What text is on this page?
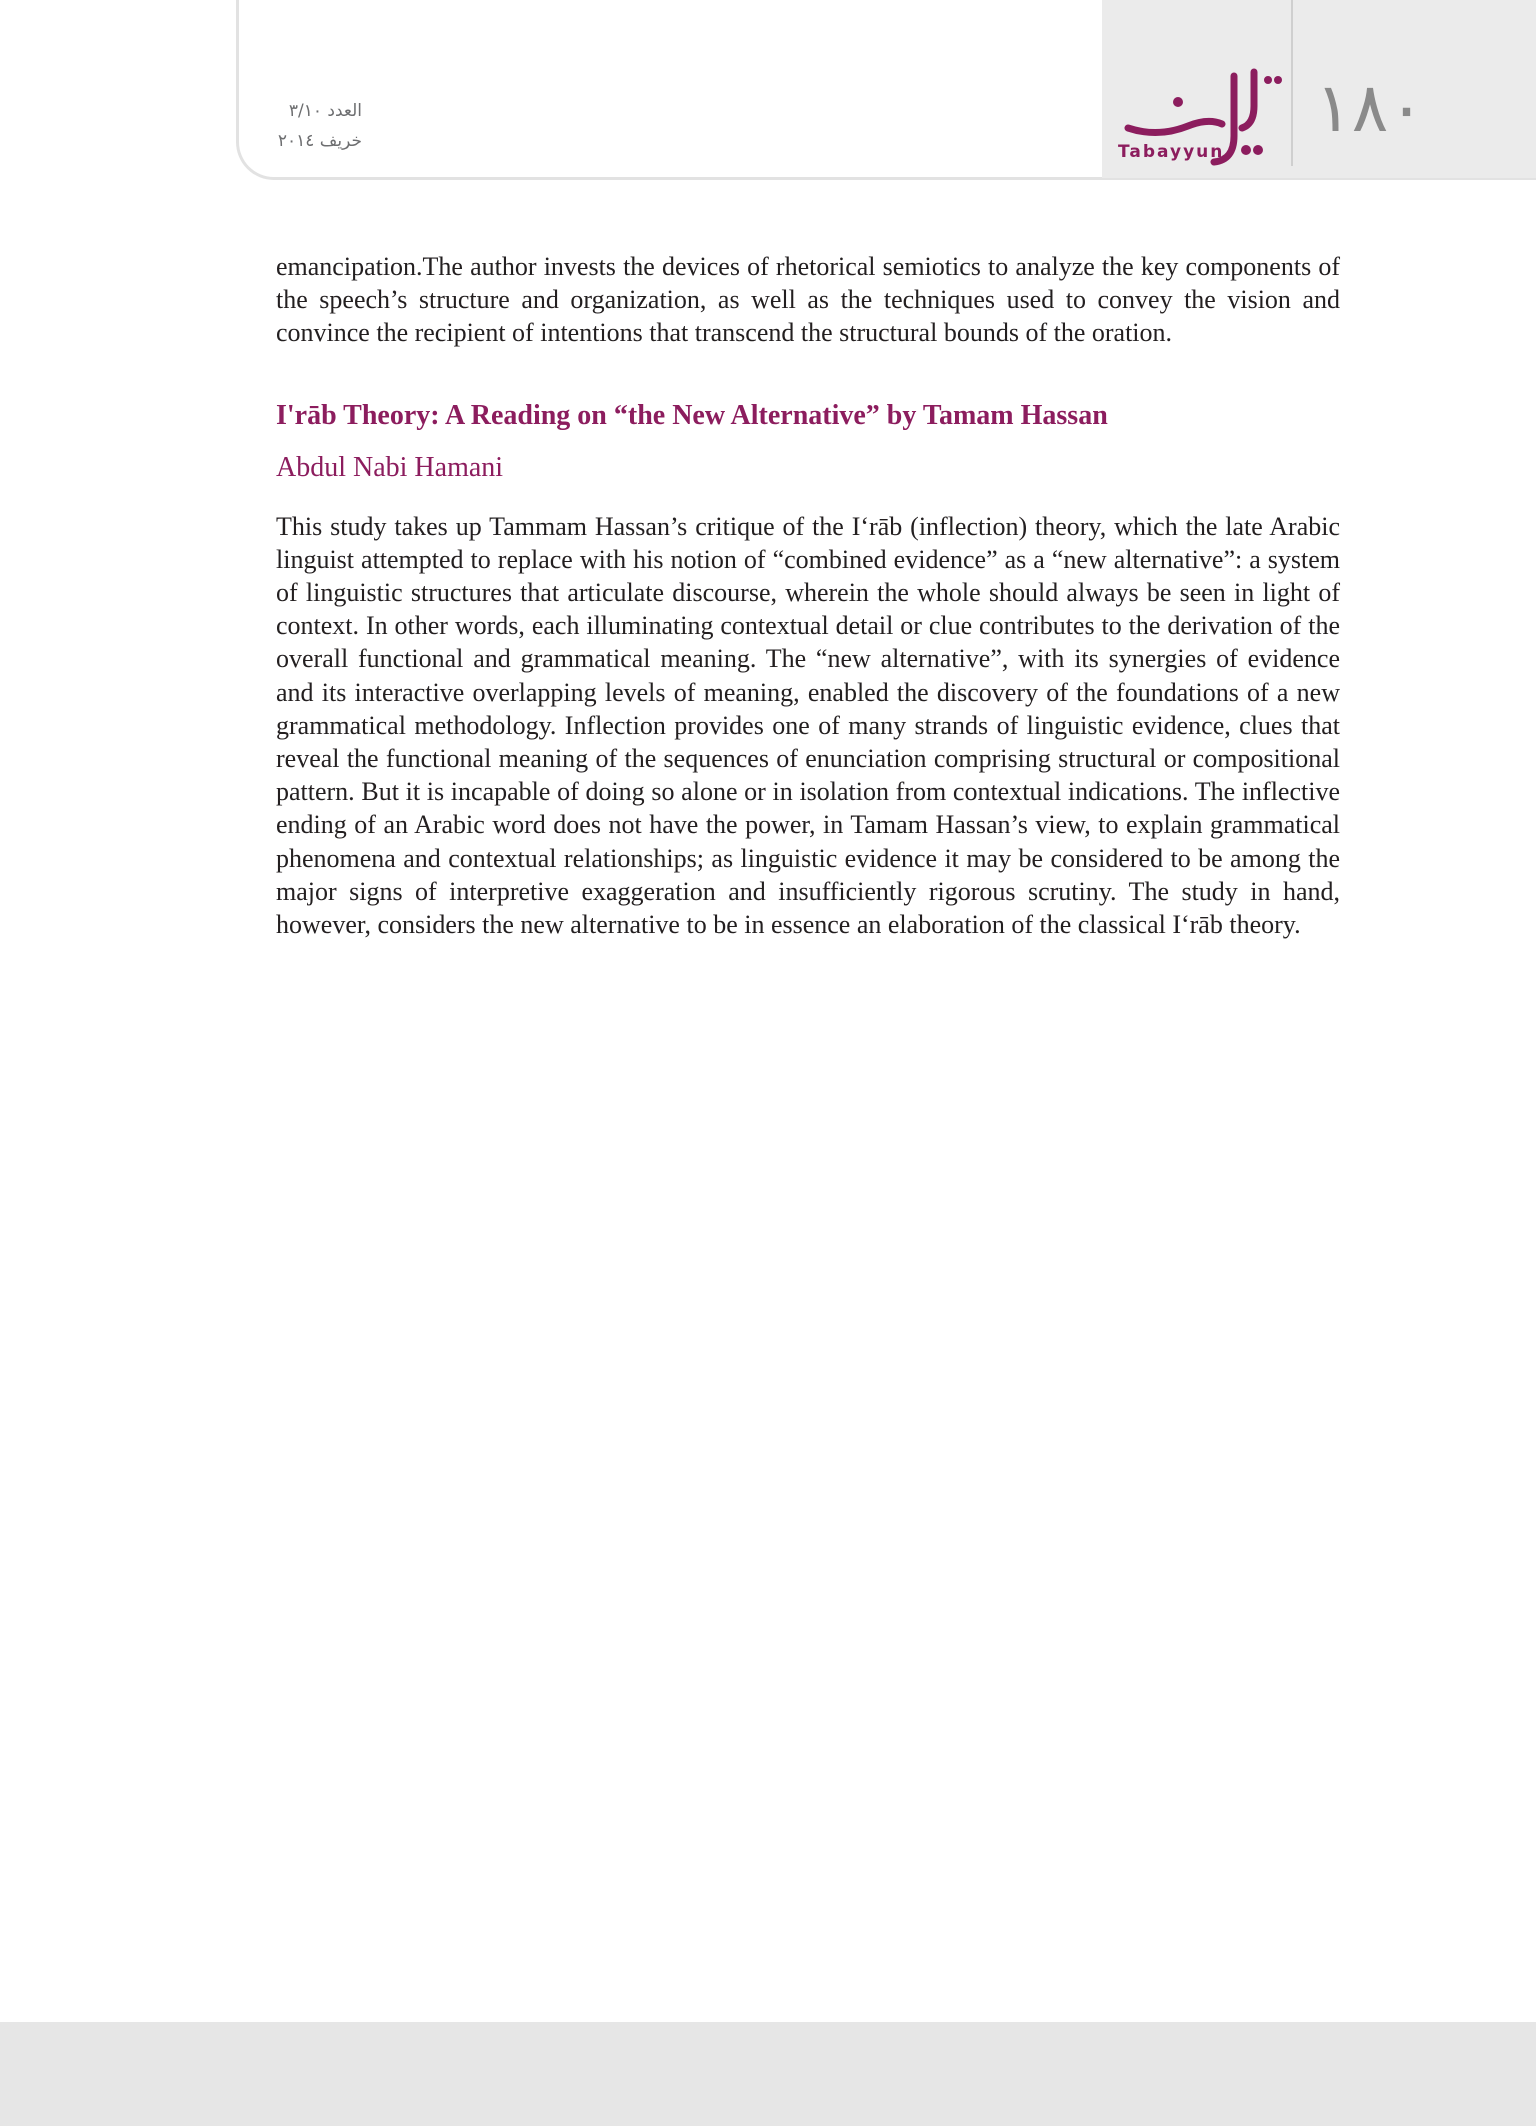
١٨٠
Tabayyun
العدد ٣/١٠
خريف ٢٠١٤

emancipation.The author invests the devices of rhetorical semiotics to analyze the key components of the speech’s structure and organization, as well as the techniques used to convey the vision and convince the recipient of intentions that transcend the structural bounds of the oration.

I'rāb Theory: A Reading on “the New Alternative” by Tamam Hassan
Abdul Nabi Hamani

This study takes up Tammam Hassan’s critique of the I‘rāb (inflection) theory, which the late Arabic linguist attempted to replace with his notion of “combined evidence” as a “new alternative”: a system of linguistic structures that articulate discourse, wherein the whole should always be seen in light of context. In other words, each illuminating contextual detail or clue contributes to the derivation of the overall functional and grammatical meaning. The “new alternative”, with its synergies of evidence and its interactive overlapping levels of meaning, enabled the discovery of the foundations of a new grammatical methodology. Inflection provides one of many strands of linguistic evidence, clues that reveal the functional meaning of the sequences of enunciation comprising structural or compositional pattern. But it is incapable of doing so alone or in isolation from contextual indications. The inflective ending of an Arabic word does not have the power, in Tamam Hassan’s view, to explain grammatical phenomena and contextual relationships; as linguistic evidence it may be considered to be among the major signs of interpretive exaggeration and insufficiently rigorous scrutiny. The study in hand, however, considers the new alternative to be in essence an elaboration of the classical I‘rāb theory.
